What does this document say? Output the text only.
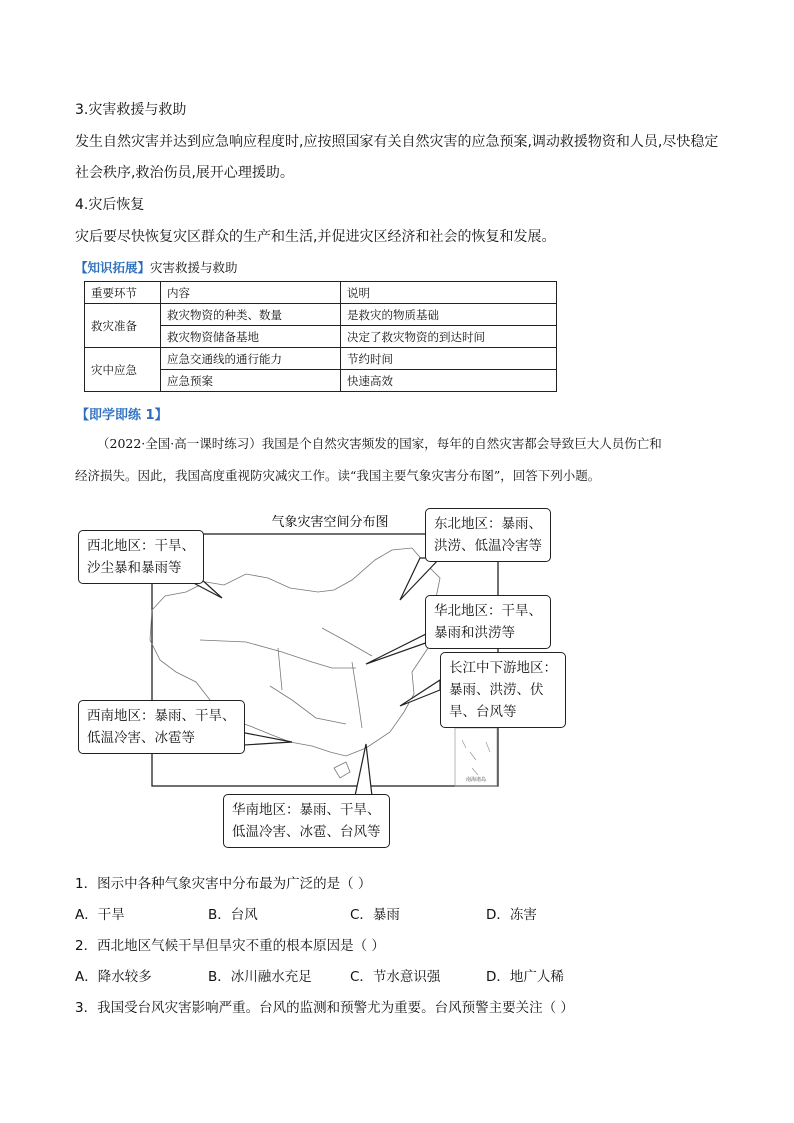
3.灾害救援与救助
发生自然灾害并达到应急响应程度时,应按照国家有关自然灾害的应急预案,调动救援物资和人员,尽快稳定
社会秩序,救治伤员,展开心理援助。
4.灾后恢复
灾后要尽快恢复灾区群众的生产和生活,并促进灾区经济和社会的恢复和发展。
【知识拓展】灾害救援与救助
重要环节	内容	说明
救灾准备	救灾物资的种类、数量	是救灾的物质基础
	救灾物资储备基地	决定了救灾物资的到达时间
灾中应急	应急交通线的通行能力	节约时间
	应急预案	快速高效
【即学即练 1】
（2022·全国·高一课时练习）我国是个自然灾害频发的国家，每年的自然灾害都会导致巨大人员伤亡和
经济损失。因此，我国高度重视防灾减灾工作。读“我国主要气象灾害分布图”，回答下列小题。
南海诸岛
气象灾害空间分布图
西北地区：干旱、
沙尘暴和暴雨等
东北地区：暴雨、
洪涝、低温冷害等
华北地区：干旱、
暴雨和洪涝等
长江中下游地区：
暴雨、洪涝、伏
旱、台风等
西南地区：暴雨、干旱、
低温冷害、冰雹等
华南地区：暴雨、干旱、
低温冷害、冰雹、台风等
1．图示中各种气象灾害中分布最为广泛的是（ ）
A．干旱	B．台风	C．暴雨	D．冻害
2．西北地区气候干旱但旱灾不重的根本原因是（ ）
A．降水较多	B．冰川融水充足	C．节水意识强	D．地广人稀
3．我国受台风灾害影响严重。台风的监测和预警尤为重要。台风预警主要关注（ ）
